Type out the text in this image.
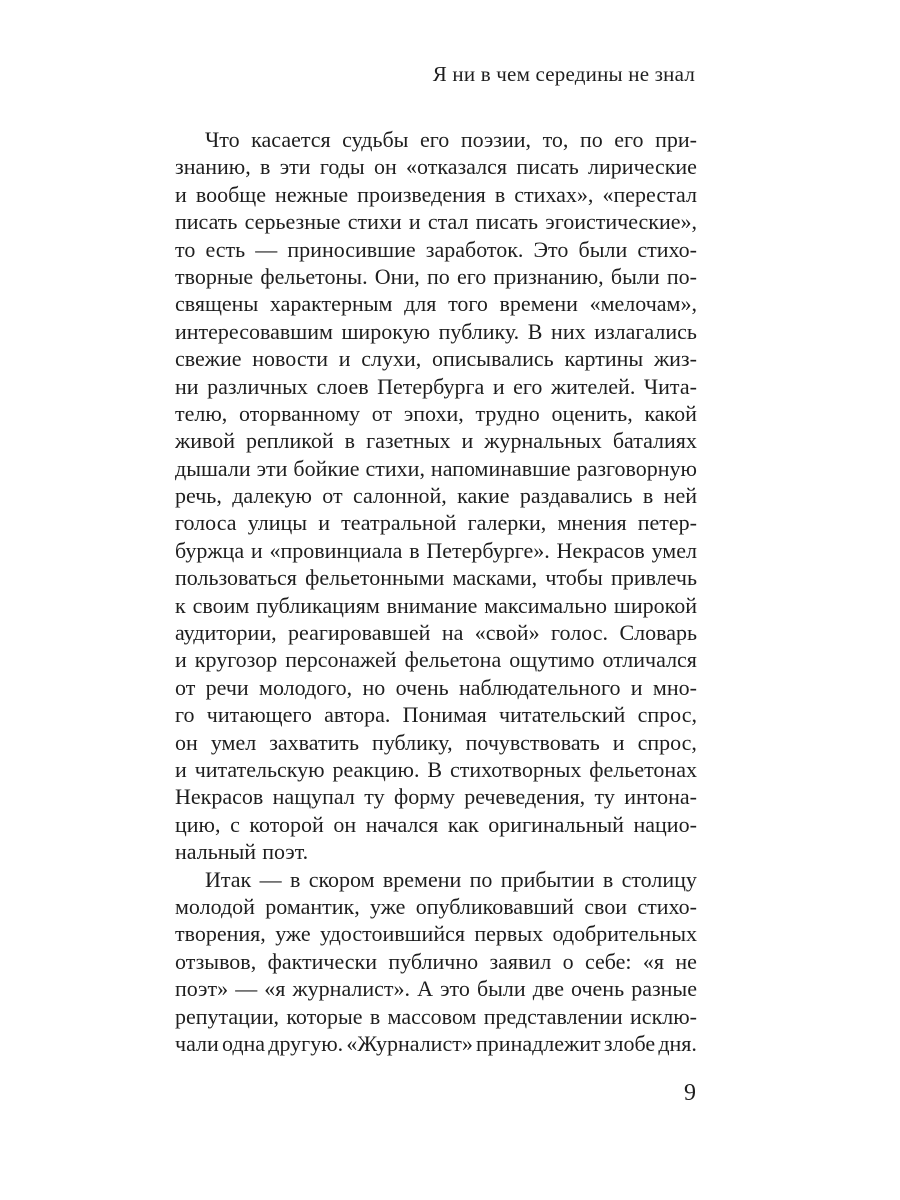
Я ни в чем середины не знал
Что касается судьбы его поэзии, то, по его при-
знанию, в эти годы он «отказался писать лирические
и вообще нежные произведения в стихах», «перестал
писать серьезные стихи и стал писать эгоистические»,
то есть — приносившие заработок. Это были стихо-
творные фельетоны. Они, по его признанию, были по-
священы характерным для того времени «мелочам»,
интересовавшим широкую публику. В них излагались
свежие новости и слухи, описывались картины жиз-
ни различных слоев Петербурга и его жителей. Чита-
телю, оторванному от эпохи, трудно оценить, какой
живой репликой в газетных и журнальных баталиях
дышали эти бойкие стихи, напоминавшие разговорную
речь, далекую от салонной, какие раздавались в ней
голоса улицы и театральной галерки, мнения петер-
буржца и «провинциала в Петербурге». Некрасов умел
пользоваться фельетонными масками, чтобы привлечь
к своим публикациям внимание максимально широкой
аудитории, реагировавшей на «свой» голос. Словарь
и кругозор персонажей фельетона ощутимо отличался
от речи молодого, но очень наблюдательного и мно-
го читающего автора. Понимая читательский спрос,
он умел захватить публику, почувствовать и спрос,
и читательскую реакцию. В стихотворных фельетонах
Некрасов нащупал ту форму речеведения, ту интона-
цию, с которой он начался как оригинальный нацио-
нальный поэт.
Итак — в скором времени по прибытии в столицу
молодой романтик, уже опубликовавший свои стихо-
творения, уже удостоившийся первых одобрительных
отзывов, фактически публично заявил о себе: «я не
поэт» — «я журналист». А это были две очень разные
репутации, которые в массовом представлении исклю-
чали одна другую. «Журналист» принадлежит злобе дня.
9
